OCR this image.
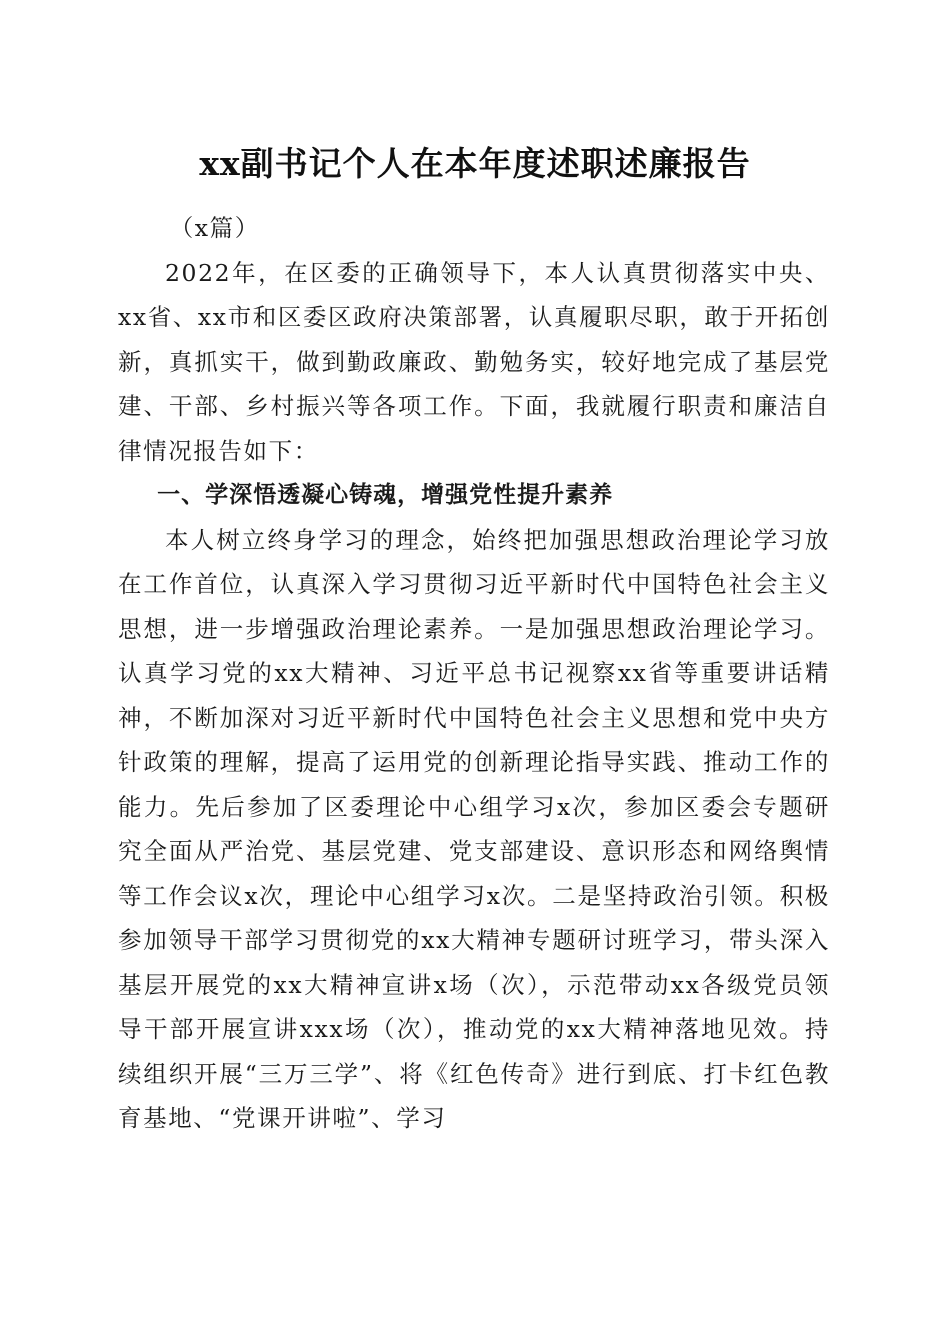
xx副书记个人在本年度述职述廉报告

（x篇）

2022年，在区委的正确领导下，本人认真贯彻落实中央、xx省、xx市和区委区政府决策部署，认真履职尽职，敢于开拓创新，真抓实干，做到勤政廉政、勤勉务实，较好地完成了基层党建、干部、乡村振兴等各项工作。下面，我就履行职责和廉洁自律情况报告如下：

一、学深悟透凝心铸魂，增强党性提升素养

本人树立终身学习的理念，始终把加强思想政治理论学习放在工作首位，认真深入学习贯彻习近平新时代中国特色社会主义思想，进一步增强政治理论素养。一是加强思想政治理论学习。认真学习党的xx大精神、习近平总书记视察xx省等重要讲话精神，不断加深对习近平新时代中国特色社会主义思想和党中央方针政策的理解，提高了运用党的创新理论指导实践、推动工作的能力。先后参加了区委理论中心组学习x次，参加区委会专题研究全面从严治党、基层党建、党支部建设、意识形态和网络舆情等工作会议x次，理论中心组学习x次。二是坚持政治引领。积极参加领导干部学习贯彻党的xx大精神专题研讨班学习，带头深入基层开展党的xx大精神宣讲x场（次），示范带动xx各级党员领导干部开展宣讲xxx场（次），推动党的xx大精神落地见效。持续组织开展“三万三学”、将《红色传奇》进行到底、打卡红色教育基地、“党课开讲啦”、学习
